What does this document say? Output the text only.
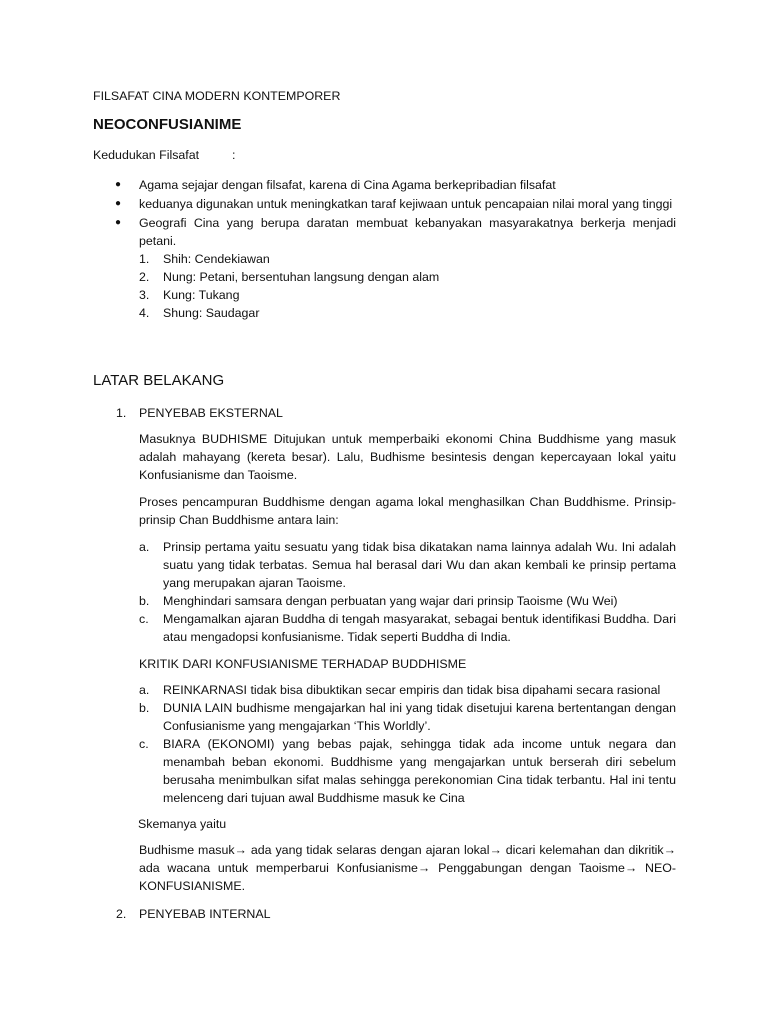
FILSAFAT CINA MODERN KONTEMPORER
NEOCONFUSIANIME
Kedudukan Filsafat	:
● Agama sejajar dengan filsafat, karena di Cina Agama berkepribadian filsafat
● keduanya digunakan untuk meningkatkan taraf kejiwaan untuk pencapaian nilai moral yang tinggi
● Geografi Cina yang berupa daratan membuat kebanyakan masyarakatnya berkerja menjadi petani.
1. Shih: Cendekiawan
2. Nung: Petani, bersentuhan langsung dengan alam
3. Kung: Tukang
4. Shung: Saudagar
LATAR BELAKANG
1. PENYEBAB EKSTERNAL
Masuknya BUDHISME Ditujukan untuk memperbaiki ekonomi China Buddhisme yang masuk adalah mahayang (kereta besar). Lalu, Budhisme besintesis dengan kepercayaan lokal yaitu Konfusianisme dan Taoisme.
Proses pencampuran Buddhisme dengan agama lokal menghasilkan Chan Buddhisme. Prinsip-prinsip Chan Buddhisme antara lain:
a. Prinsip pertama yaitu sesuatu yang tidak bisa dikatakan nama lainnya adalah Wu. Ini adalah suatu yang tidak terbatas. Semua hal berasal dari Wu dan akan kembali ke prinsip pertama yang merupakan ajaran Taoisme.
b. Menghindari samsara dengan perbuatan yang wajar dari prinsip Taoisme (Wu Wei)
c. Mengamalkan ajaran Buddha di tengah masyarakat, sebagai bentuk identifikasi Buddha. Dari atau mengadopsi konfusianisme. Tidak seperti Buddha di India.
KRITIK DARI KONFUSIANISME TERHADAP BUDDHISME
a. REINKARNASI tidak bisa dibuktikan secar empiris dan tidak bisa dipahami secara rasional
b. DUNIA LAIN budhisme mengajarkan hal ini yang tidak disetujui karena bertentangan dengan Confusianisme yang mengajarkan ‘This Worldly’.
c. BIARA (EKONOMI) yang bebas pajak, sehingga tidak ada income untuk negara dan menambah beban ekonomi. Buddhisme yang mengajarkan untuk berserah diri sebelum berusaha menimbulkan sifat malas sehingga perekonomian Cina tidak terbantu. Hal ini tentu melenceng dari tujuan awal Buddhisme masuk ke Cina
Skemanya yaitu
Budhisme masuk→ ada yang tidak selaras dengan ajaran lokal→ dicari kelemahan dan dikritik→ ada wacana untuk memperbarui Konfusianisme→ Penggabungan dengan Taoisme→ NEO-KONFUSIANISME.
2. PENYEBAB INTERNAL
